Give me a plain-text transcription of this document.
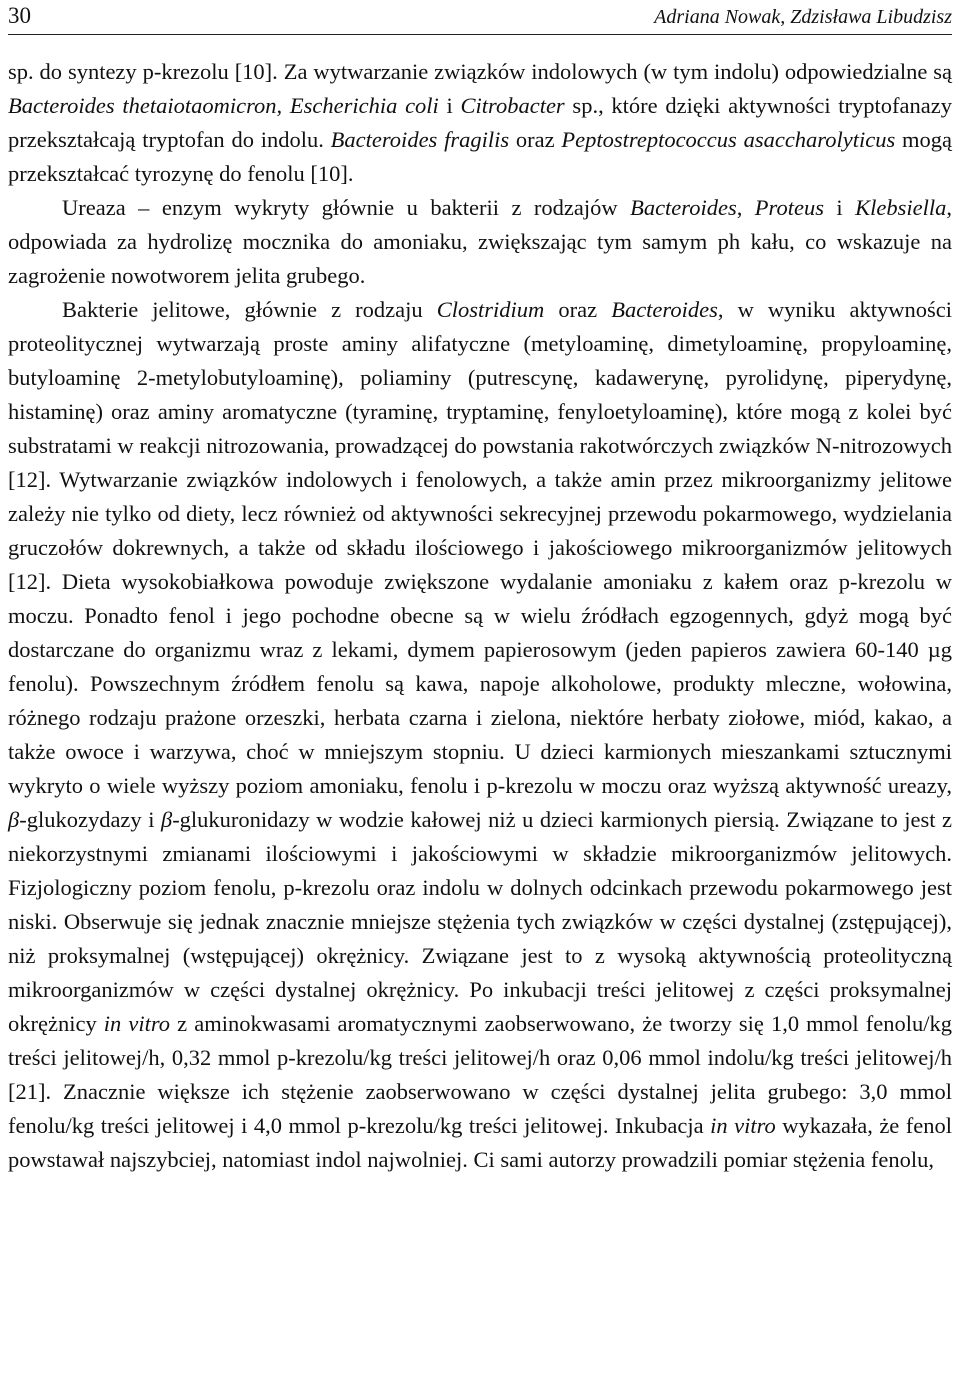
30	Adriana Nowak, Zdzisława Libudzisz

sp. do syntezy p-krezolu [10]. Za wytwarzanie związków indolowych (w tym indolu) odpowiedzialne są Bacteroides thetaiotaomicron, Escherichia coli i Citrobacter sp., które dzięki aktywności tryptofanazy przekształcają tryptofan do indolu. Bacteroides fragilis oraz Peptostreptococcus asaccharolyticus mogą przekształcać tyrozynę do fenolu [10].

Ureaza – enzym wykryty głównie u bakterii z rodzajów Bacteroides, Proteus i Klebsiella, odpowiada za hydrolizę mocznika do amoniaku, zwiększając tym samym ph kału, co wskazuje na zagrożenie nowotworem jelita grubego.

Bakterie jelitowe, głównie z rodzaju Clostridium oraz Bacteroides, w wyniku aktywności proteolitycznej wytwarzają proste aminy alifatyczne (metyloaminę, dimetyloaminę, propyloaminę, butyloaminę 2-metylobutyloaminę), poliaminy (putrescynę, kadawerynę, pyrolidynę, piperydynę, histaminę) oraz aminy aromatyczne (tyraminę, tryptaminę, fenyloetyloaminę), które mogą z kolei być substratami w reakcji nitrozowania, prowadzącej do powstania rakotwórczych związków N-nitrozowych [12]. Wytwarzanie związków indolowych i fenolowych, a także amin przez mikroorganizmy jelitowe zależy nie tylko od diety, lecz również od aktywności sekrecyjnej przewodu pokarmowego, wydzielania gruczołów dokrewnych, a także od składu ilościowego i jakościowego mikroorganizmów jelitowych [12]. Dieta wysokobiałkowa powoduje zwiększone wydalanie amoniaku z kałem oraz p-krezolu w moczu. Ponadto fenol i jego pochodne obecne są w wielu źródłach egzogennych, gdyż mogą być dostarczane do organizmu wraz z lekami, dymem papierosowym (jeden papieros zawiera 60-140 µg fenolu). Powszechnym źródłem fenolu są kawa, napoje alkoholowe, produkty mleczne, wołowina, różnego rodzaju prażone orzeszki, herbata czarna i zielona, niektóre herbaty ziołowe, miód, kakao, a także owoce i warzywa, choć w mniejszym stopniu. U dzieci karmionych mieszankami sztucznymi wykryto o wiele wyższy poziom amoniaku, fenolu i p-krezolu w moczu oraz wyższą aktywność ureazy, β-glukozydazy i β-glukuronidazy w wodzie kałowej niż u dzieci karmionych piersią. Związane to jest z niekorzystnymi zmianami ilościowymi i jakościowymi w składzie mikroorganizmów jelitowych. Fizjologiczny poziom fenolu, p-krezolu oraz indolu w dolnych odcinkach przewodu pokarmowego jest niski. Obserwuje się jednak znacznie mniejsze stężenia tych związków w części dystalnej (zstępującej), niż proksymalnej (wstępującej) okrężnicy. Związane jest to z wysoką aktywnością proteolityczną mikroorganizmów w części dystalnej okrężnicy. Po inkubacji treści jelitowej z części proksymalnej okrężnicy in vitro z aminokwasami aromatycznymi zaobserwowano, że tworzy się 1,0 mmol fenolu/kg treści jelitowej/h, 0,32 mmol p-krezolu/kg treści jelitowej/h oraz 0,06 mmol indolu/kg treści jelitowej/h [21]. Znacznie większe ich stężenie zaobserwowano w części dystalnej jelita grubego: 3,0 mmol fenolu/kg treści jelitowej i 4,0 mmol p-krezolu/kg treści jelitowej. Inkubacja in vitro wykazała, że fenol powstawał najszybciej, natomiast indol najwolniej. Ci sami autorzy prowadzili pomiar stężenia fenolu,
